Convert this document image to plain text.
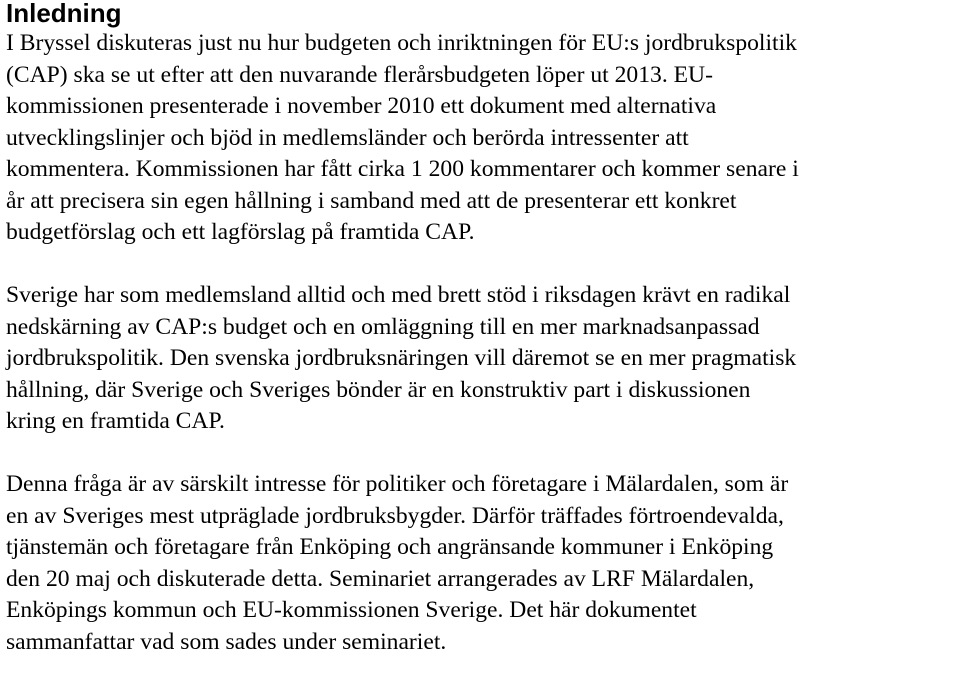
Inledning

I Bryssel diskuteras just nu hur budgeten och inriktningen för EU:s jordbrukspolitik
(CAP) ska se ut efter att den nuvarande flerårsbudgeten löper ut 2013. EU-
kommissionen presenterade i november 2010 ett dokument med alternativa
utvecklingslinjer och bjöd in medlemsländer och berörda intressenter att
kommentera. Kommissionen har fått cirka 1 200 kommentarer och kommer senare i
år att precisera sin egen hållning i samband med att de presenterar ett konkret
budgetförslag och ett lagförslag på framtida CAP.

Sverige har som medlemsland alltid och med brett stöd i riksdagen krävt en radikal
nedskärning av CAP:s budget och en omläggning till en mer marknadsanpassad
jordbrukspolitik. Den svenska jordbruksnäringen vill däremot se en mer pragmatisk
hållning, där Sverige och Sveriges bönder är en konstruktiv part i diskussionen
kring en framtida CAP.

Denna fråga är av särskilt intresse för politiker och företagare i Mälardalen, som är
en av Sveriges mest utpräglade jordbruksbygder. Därför träffades förtroendevalda,
tjänstemän och företagare från Enköping och angränsande kommuner i Enköping
den 20 maj och diskuterade detta. Seminariet arrangerades av LRF Mälardalen,
Enköpings kommun och EU-kommissionen Sverige. Det här dokumentet
sammanfattar vad som sades under seminariet.
